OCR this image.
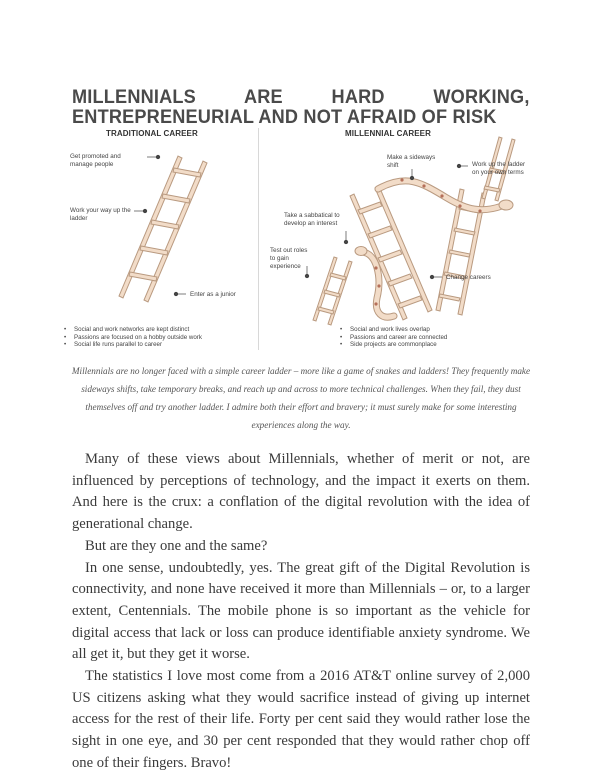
MILLENNIALS ARE HARD WORKING, ENTREPRENEURIAL AND NOT AFRAID OF RISK
TRADITIONAL CAREER	MILLENNIAL CAREER
Get promoted and manage people
Work your way up the ladder
Enter as a junior
• Social and work networks are kept distinct
• Passions are focused on a hobby outside work
• Social life runs parallel to career
Make a sideways shift	Work up the ladder on your own terms
Take a sabbatical to develop an interest
Test out roles to gain experience
Change careers
• Social and work lives overlap
• Passions and career are connected
• Side projects are commonplace
Millennials are no longer faced with a simple career ladder – more like a game of snakes and ladders! They frequently make sideways shifts, take temporary breaks, and reach up and across to more technical challenges. When they fail, they dust themselves off and try another ladder. I admire both their effort and bravery; it must surely make for some interesting experiences along the way.

Many of these views about Millennials, whether of merit or not, are influenced by perceptions of technology, and the impact it exerts on them. And here is the crux: a conflation of the digital revolution with the idea of generational change.

But are they one and the same?

In one sense, undoubtedly, yes. The great gift of the Digital Revolution is connectivity, and none have received it more than Millennials – or, to a larger extent, Centennials. The mobile phone is so important as the vehicle for digital access that lack or loss can produce identifiable anxiety syndrome. We all get it, but they get it worse.

The statistics I love most come from a 2016 AT&T online survey of 2,000 US citizens asking what they would sacrifice instead of giving up internet access for the rest of their life. Forty per cent said they would rather lose the sight in one eye, and 30 per cent responded that they would rather chop off one of their fingers. Bravo!
